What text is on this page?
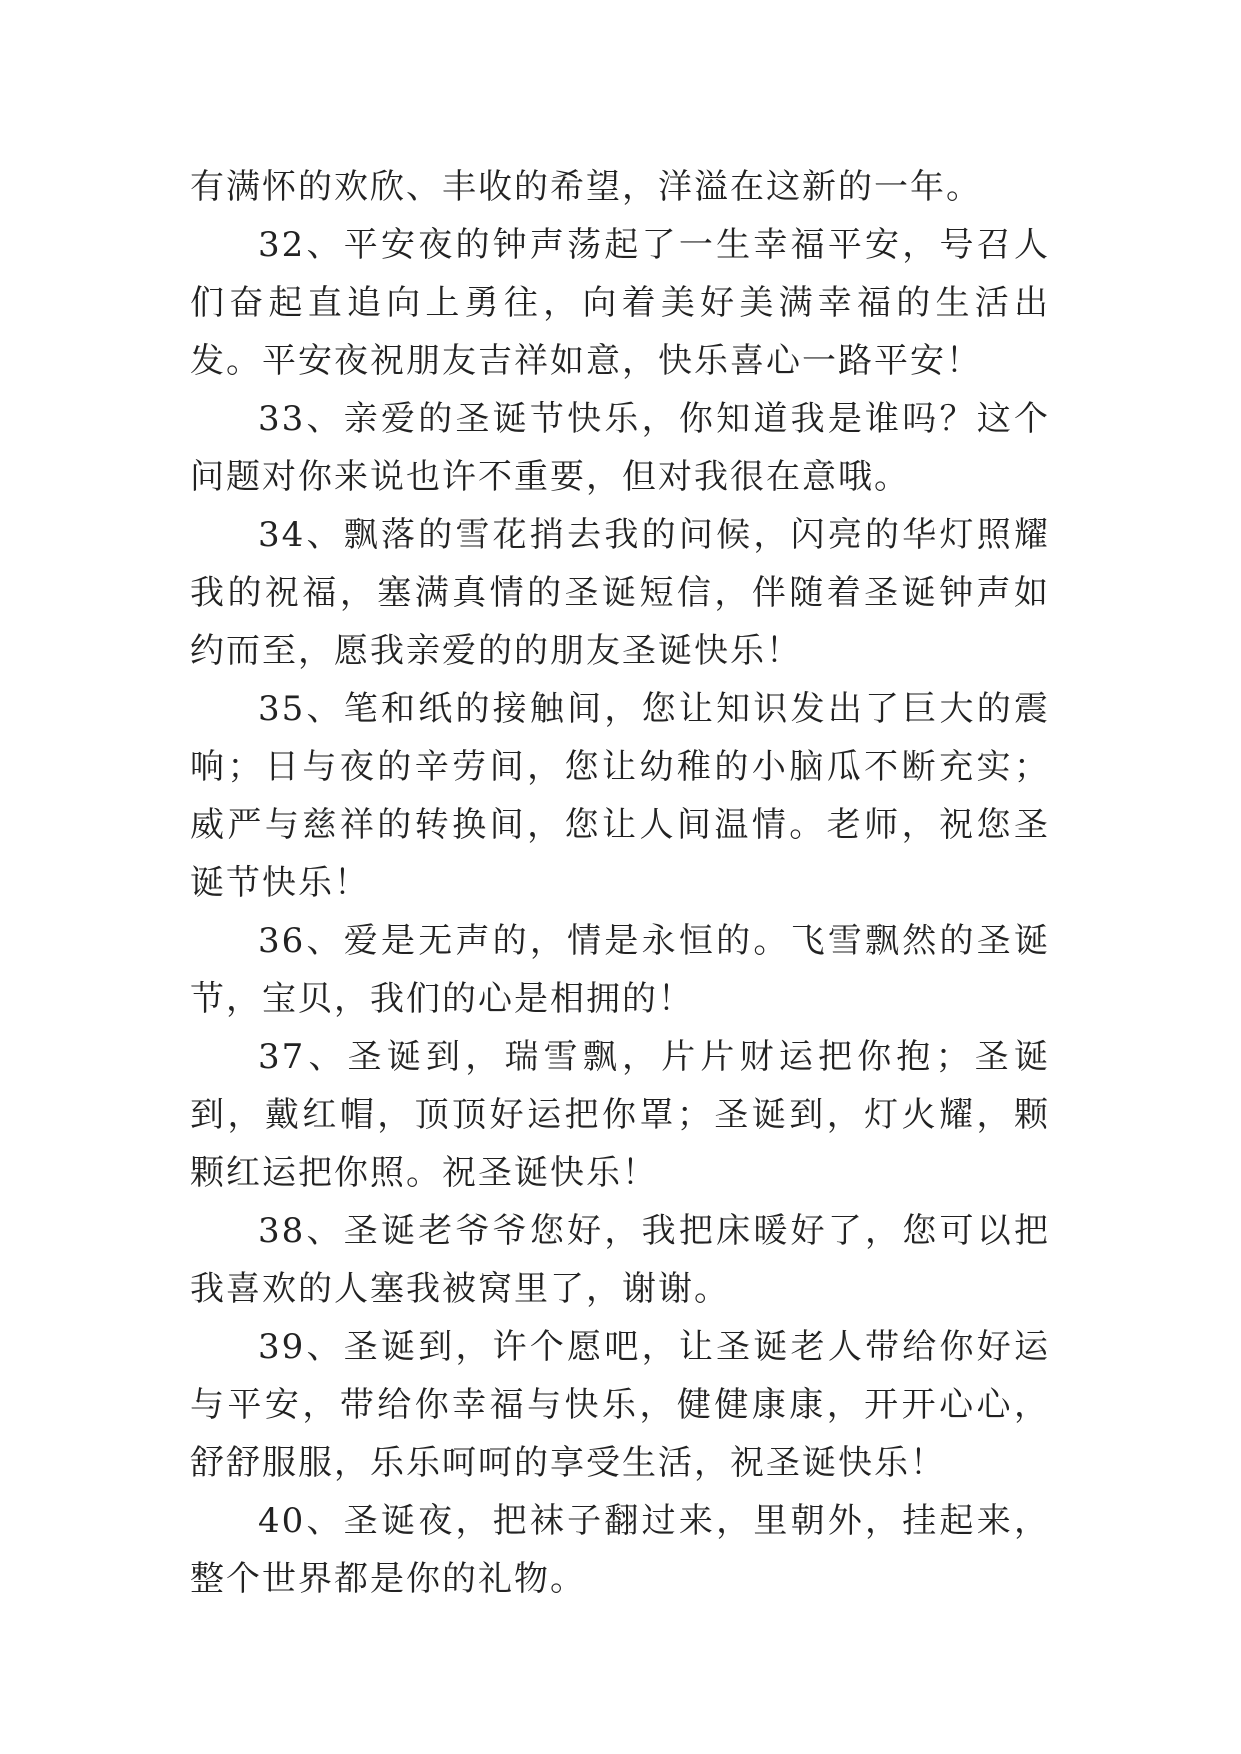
有满怀的欢欣、丰收的希望，洋溢在这新的一年。

32、平安夜的钟声荡起了一生幸福平安，号召人们奋起直追向上勇往，向着美好美满幸福的生活出发。平安夜祝朋友吉祥如意，快乐喜心一路平安！

33、亲爱的圣诞节快乐，你知道我是谁吗？这个问题对你来说也许不重要，但对我很在意哦。

34、飘落的雪花捎去我的问候，闪亮的华灯照耀我的祝福，塞满真情的圣诞短信，伴随着圣诞钟声如约而至，愿我亲爱的的朋友圣诞快乐！

35、笔和纸的接触间，您让知识发出了巨大的震响；日与夜的辛劳间，您让幼稚的小脑瓜不断充实；威严与慈祥的转换间，您让人间温情。老师，祝您圣诞节快乐！

36、爱是无声的，情是永恒的。飞雪飘然的圣诞节，宝贝，我们的心是相拥的！

37、圣诞到，瑞雪飘，片片财运把你抱；圣诞到，戴红帽，顶顶好运把你罩；圣诞到，灯火耀，颗颗红运把你照。祝圣诞快乐！

38、圣诞老爷爷您好，我把床暖好了，您可以把我喜欢的人塞我被窝里了，谢谢。

39、圣诞到，许个愿吧，让圣诞老人带给你好运与平安，带给你幸福与快乐，健健康康，开开心心，舒舒服服，乐乐呵呵的享受生活，祝圣诞快乐！

40、圣诞夜，把袜子翻过来，里朝外，挂起来，整个世界都是你的礼物。
